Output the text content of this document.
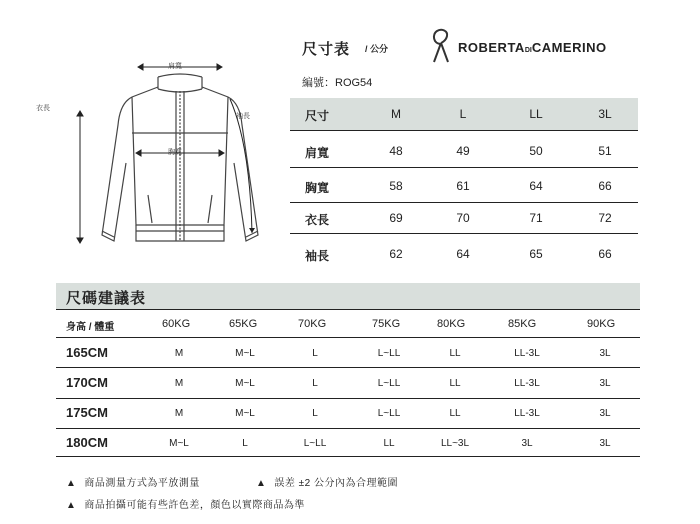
肩寬
胸寬
衣長
袖長
尺寸表 / 公分
編號：ROG54
ROBERTADICAMERINO
尺寸	M	L	LL	3L
肩寬	48	49	50	51
胸寬	58	61	64	66
衣長	69	70	71	72
袖長	62	64	65	66
尺碼建議表
身高 / 體重	60KG	65KG	70KG	75KG	80KG	85KG	90KG
165CM	M	M~L	L	L~LL	LL	LL-3L	3L
170CM	M	M~L	L	L~LL	LL	LL-3L	3L
175CM	M	M~L	L	L~LL	LL	LL-3L	3L
180CM	M~L	L	L~LL	LL	LL~3L	3L	3L
▲ 商品測量方式為平放測量	▲ 誤差 ±2 公分內為合理範圍
▲ 商品拍攝可能有些許色差，顏色以實際商品為準
